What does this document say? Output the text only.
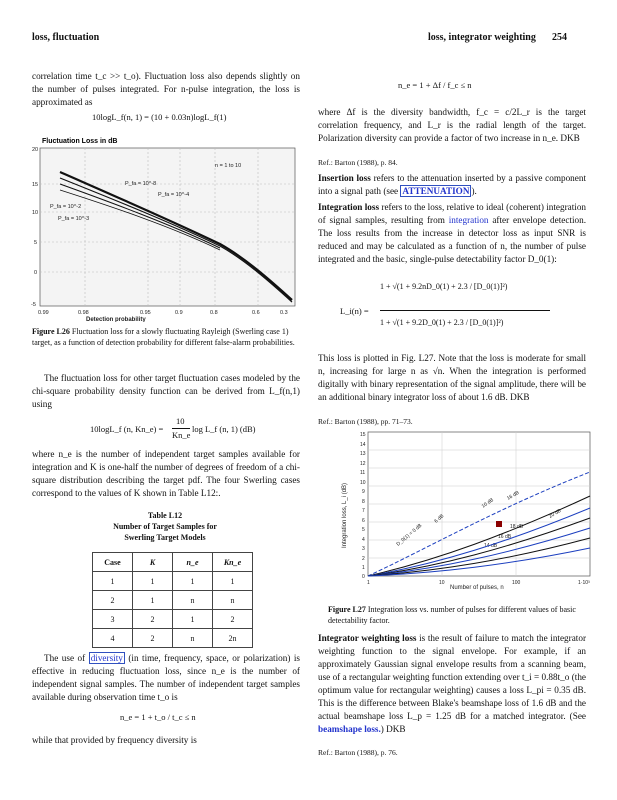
loss, fluctuation	loss, integrator weighting 254

correlation time t_c >> t_o). Fluctuation loss also depends slightly on the number of pulses integrated. For n-pulse integration, the loss is approximated as

10logL_f(n, 1) = (10 + 0.03n)logL_f(1)
Fluctuation Loss in dB
20
15
10
5
0
-5
0.99	0.98	0.95	0.9	0.8	0.6	0.3
Detection probability
n = 1 to 10
P_fa = 10^-8
P_fa = 10^-4
P_fa = 10^-2
P_fa = 10^-3
Figure L26 Fluctuation loss for a slowly fluctuating Rayleigh (Swerling case 1) target, as a function of detection probability for different false-alarm probabilities.

The fluctuation loss for other target fluctuation cases modeled by the chi-square probability density function can be derived from L_f(n,1) using

10logL_f (n, Kn_e) =
10
Kn_e
log L_f (n, 1) (dB)

where n_e is the number of independent target samples available for integration and K is one-half the number of degrees of freedom of a chi-square distribution describing the target pdf. The four Swerling cases correspond to the values of K shown in Table L12:.

Table L12
Number of Target Samples for
Swerling Target Models
Case	K	n_e	Kn_e
1	1	1	1
2	1	n	n
3	2	1	2
4	2	n	2n

The use of diversity (in time, frequency, space, or polarization) is effective in reducing fluctuation loss, since n_e is the number of independent signal samples. The number of independent target samples available during observation time t_o is

n_e = 1 + t_o / t_c ≤ n

while that provided by frequency diversity is

n_e = 1 + Δf / f_c ≤ n

where Δf is the diversity bandwidth, f_c = c/2L_r is the target correlation frequency, and L_r is the radial length of the target. Polarization diversity can provide a factor of two increase in n_e. DKB

Ref.: Barton (1988), p. 84.

Insertion loss refers to the attenuation inserted by a passive component into a signal path (see ATTENUATION ).

Integration loss refers to the loss, relative to ideal (coherent) integration of signal samples, resulting from integration after envelope detection. The loss results from the increase in detector loss as input SNR is reduced and may be calculated as a function of n, the number of pulse integrated and the basic, single-pulse detectability factor D_0(1):

L_i(n) =
1 + √(1 + 9.2nD_0(1) + 2.3 / [D_0(1)]²)
1 + √(1 + 9.2D_0(1) + 2.3 / [D_0(1)]²)

This loss is plotted in Fig. L27. Note that the loss is moderate for small n, increasing for large n as √n. When the integration is performed digitally with binary representation of the signal amplitude, there will be an additional binary integrator loss of about 1.6 dB. DKB

Ref.: Barton (1988), pp. 71–73.
15
14
13
12
11
10
9
8
7
6
5
4
3
2
1
0
1	10	100	1·10³
Number of pulses, n
Integration loss, L_i (dB)	D_0(1) = 0 dB
6 dB
10 dB
16 dB
20 dB
18 dB
16 dB
14 dB
Figure L27 Integration loss vs. number of pulses for different values of basic detectability factor.

Integrator weighting loss is the result of failure to match the integrator weighting function to the signal envelope. For example, if an approximately Gaussian signal envelope results from a scanning beam, use of a rectangular weighting function extending over t_i = 0.88t_o (the optimum value for rectangular weighting) causes a loss L_pi = 0.35 dB. This is the difference between Blake's beamshape loss of 1.6 dB and the actual beamshape loss L_p = 1.25 dB for a matched integrator. (See beamshape loss.) DKB

Ref.: Barton (1988), p. 76.
